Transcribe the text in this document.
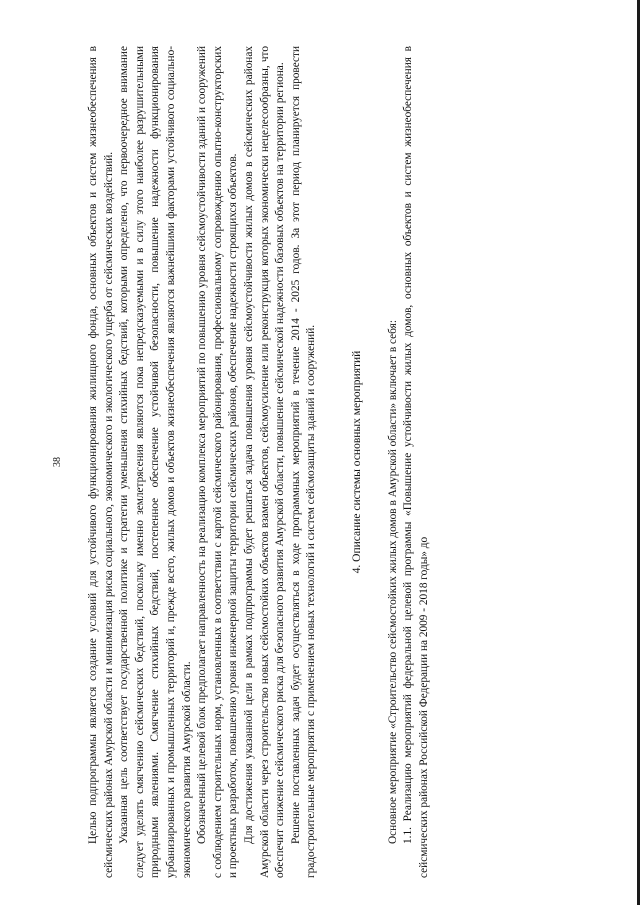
38 Целью подпрограммы является создание условий для устойчивого функционирования жилищного фонда, основных объектов и систем жизнеобеспечения в сейсмических районах Амурской области и минимизация риска социального, экономического и экологического ущерба от сейсмических воздействий. Указанная цель соответствует государственной политике и стратегии уменьшения стихийных бедствий, которыми определено, что первоочередное внимание следует уделять смягчению сейсмических бедствий, поскольку именно землетрясения являются пока непредсказуемыми и в силу этого наиболее разрушительными природными явлениями. Смягчение стихийных бедствий, постепенное обеспечение устойчивой безопасности, повышение надежности функционирования урбанизированных и промышленных территорий и, прежде всего, жилых домов и объектов жизнеобеспечения являются важнейшими факторами устойчивого социально-экономического развития Амурской области. Обозначенный целевой блок предполагает направленность на реализацию комплекса мероприятий по повышению уровня сейсмоустойчивости зданий и сооружений с соблюдением строительных норм, установленных в соответствии с картой сейсмического районирования, профессиональному сопровождению опытно-конструкторских и проектных разработок, повышению уровня инженерной защиты территории сейсмических районов, обеспечение надежности строящихся объектов. Для достижения указанной цели в рамках подпрограммы будет решаться задача повышения уровня сейсмоустойчивости жилых домов в сейсмических районах Амурской области через строительство новых сейсмостойких объектов взамен объектов, сейсмоусиление или реконструкция которых экономически нецелесообразны, что обеспечит снижение сейсмического риска для безопасного развития Амурской области, повышение сейсмической надежности базовых объектов на территории региона. Решение поставленных задач будет осуществляться в ходе программных мероприятий в течение 2014 - 2025 годов. За этот период планируется провести градостроительные мероприятия с применением новых технологий и систем сейсмозащиты зданий и сооружений.	4. Описание системы основных мероприятий Основное мероприятие «Строительство сейсмостойких жилых домов в Амурской области» включает в себя: 1.1. Реализацию мероприятий федеральной целевой программы «Повышение устойчивости жилых домов, основных объектов и систем жизнеобеспечения в сейсмических районах Российской Федерации на 2009 - 2018 годы» до
